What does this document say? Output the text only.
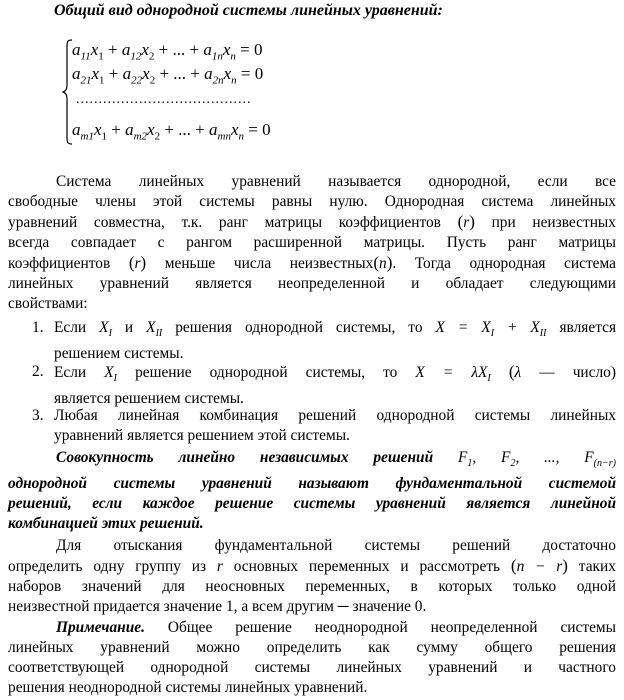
Общий вид однородной системы линейных уравнений:
$a_{11}x_1 + a_{12}x_2$ + ... + $a_{1n}x_n = 0$
$a_{21}x_1 + a_{22}x_2$ + ... + $a_{2n}x_n = 0$
.......................................
$a_{m1}x_1 + a_{m2}x_2$ + ... + $a_{mn}x_n = 0$
Система линейных уравнений называется однородной, если все
свободные члены этой системы равны нулю. Однородная система линейных
уравнений совместна, т.к. ранг матрицы коэффициентов (r) при неизвестных
всегда совпадает с рангом расширенной матрицы. Пусть ранг матрицы
коэффициентов (r) меньше числа неизвестных(n). Тогда однородная система
линейных уравнений является неопределенной и обладает следующими
свойствами:
1. Если $X_I$ и $X_{II}$ решения однородной системы, то $X = X_I + X_{II}$ является
решением системы.
2. Если $X_I$ решение однородной системы, то $X = \lambda X_I$ (λ — число)
является решением системы.
3. Любая линейная комбинация решений однородной системы линейных
уравнений является решением этой системы.
Совокупность линейно независимых решений $F_1$, $F_2$, ..., $F_{(n-r)}$
однородной системы уравнений называют фундаментальной системой
решений, если каждое решение системы уравнений является линейной
комбинацией этих решений.
Для отыскания фундаментальной системы решений достаточно
определить одну группу из r основных переменных и рассмотреть (n − r) таких
наборов значений для неосновных переменных, в которых только одной
неизвестной придается значение 1, а всем другим ─ значение 0.
Примечание. Общее решение неоднородной неопределенной системы
линейных уравнений можно определить как сумму общего решения
соответствующей однородной системы линейных уравнений и частного
решения неоднородной системы линейных уравнений.
